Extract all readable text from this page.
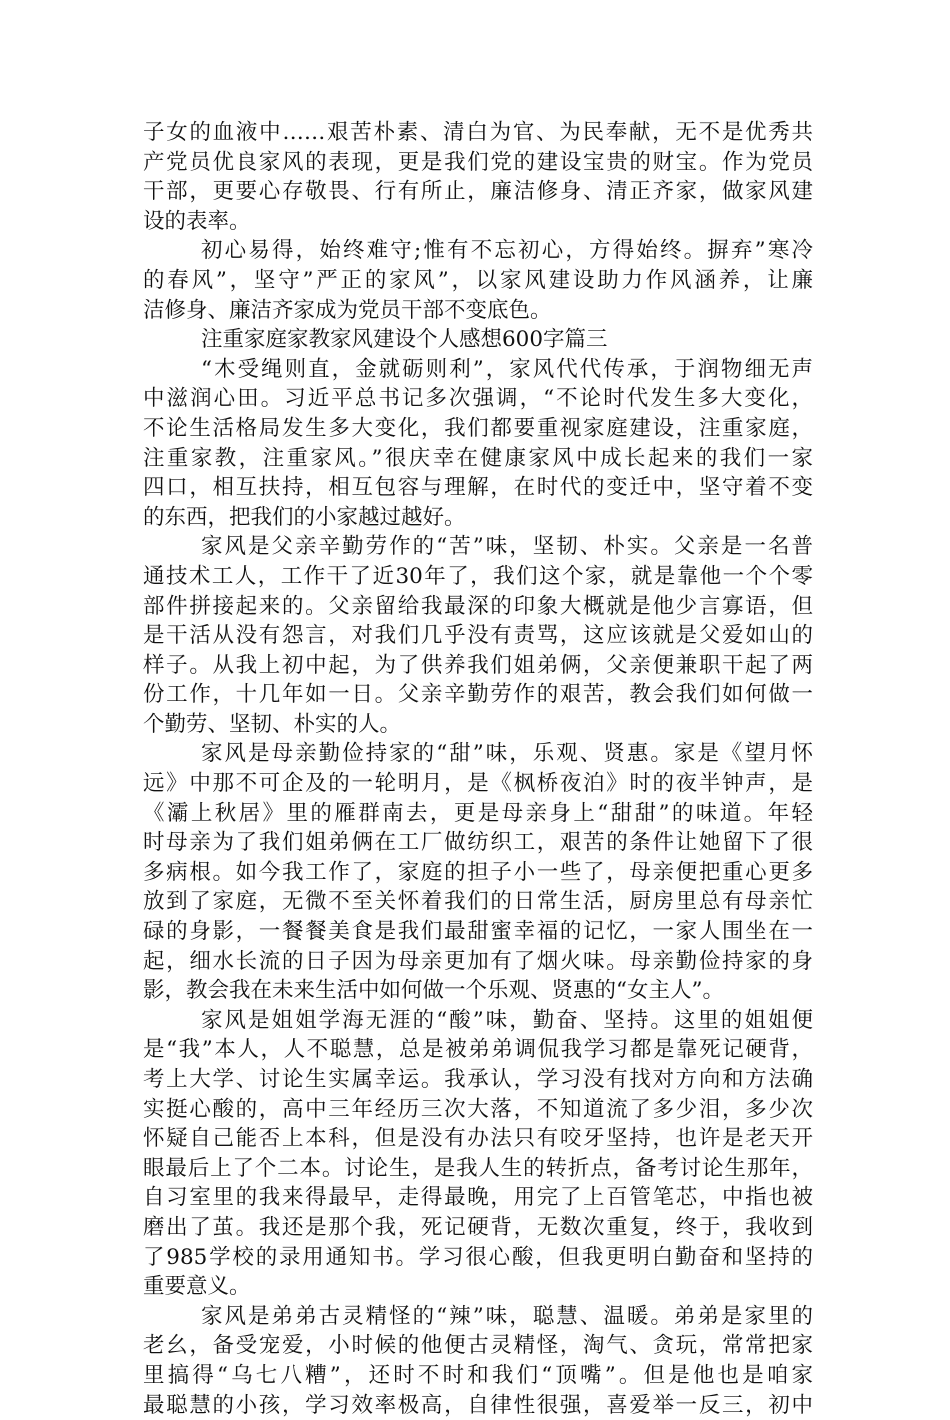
子女的血液中……艰苦朴素、清白为官、为民奉献，无不是优秀共
产党员优良家风的表现，更是我们党的建设宝贵的财宝。作为党员
干部，更要心存敬畏、行有所止，廉洁修身、清正齐家，做家风建
设的表率。
初心易得，始终难守;惟有不忘初心，方得始终。摒弃”寒冷
的春风”，坚守”严正的家风”，以家风建设助力作风涵养，让廉
洁修身、廉洁齐家成为党员干部不变底色。
注重家庭家教家风建设个人感想600字篇三
“木受绳则直，金就砺则利”，家风代代传承，于润物细无声
中滋润心田。习近平总书记多次强调，“不论时代发生多大变化，
不论生活格局发生多大变化，我们都要重视家庭建设，注重家庭，
注重家教，注重家风。”很庆幸在健康家风中成长起来的我们一家
四口，相互扶持，相互包容与理解，在时代的变迁中，坚守着不变
的东西，把我们的小家越过越好。
家风是父亲辛勤劳作的“苦”味，坚韧、朴实。父亲是一名普
通技术工人，工作干了近30年了，我们这个家，就是靠他一个个零
部件拼接起来的。父亲留给我最深的印象大概就是他少言寡语，但
是干活从没有怨言，对我们几乎没有责骂，这应该就是父爱如山的
样子。从我上初中起，为了供养我们姐弟俩，父亲便兼职干起了两
份工作，十几年如一日。父亲辛勤劳作的艰苦，教会我们如何做一
个勤劳、坚韧、朴实的人。
家风是母亲勤俭持家的“甜”味，乐观、贤惠。家是《望月怀
远》中那不可企及的一轮明月，是《枫桥夜泊》时的夜半钟声，是
《灞上秋居》里的雁群南去，更是母亲身上“甜甜”的味道。年轻
时母亲为了我们姐弟俩在工厂做纺织工，艰苦的条件让她留下了很
多病根。如今我工作了，家庭的担子小一些了，母亲便把重心更多
放到了家庭，无微不至关怀着我们的日常生活，厨房里总有母亲忙
碌的身影，一餐餐美食是我们最甜蜜幸福的记忆，一家人围坐在一
起，细水长流的日子因为母亲更加有了烟火味。母亲勤俭持家的身
影，教会我在未来生活中如何做一个乐观、贤惠的“女主人”。
家风是姐姐学海无涯的“酸”味，勤奋、坚持。这里的姐姐便
是“我”本人，人不聪慧，总是被弟弟调侃我学习都是靠死记硬背，
考上大学、讨论生实属幸运。我承认，学习没有找对方向和方法确
实挺心酸的，高中三年经历三次大落，不知道流了多少泪，多少次
怀疑自己能否上本科，但是没有办法只有咬牙坚持，也许是老天开
眼最后上了个二本。讨论生，是我人生的转折点，备考讨论生那年，
自习室里的我来得最早，走得最晚，用完了上百管笔芯，中指也被
磨出了茧。我还是那个我，死记硬背，无数次重复，终于，我收到
了985学校的录用通知书。学习很心酸，但我更明白勤奋和坚持的
重要意义。
家风是弟弟古灵精怪的“辣”味，聪慧、温暖。弟弟是家里的
老幺，备受宠爱，小时候的他便古灵精怪，淘气、贪玩，常常把家
里搞得“乌七八糟”，还时不时和我们“顶嘴”。但是他也是咱家
最聪慧的小孩，学习效率极高，自律性很强，喜爱举一反三，初中
